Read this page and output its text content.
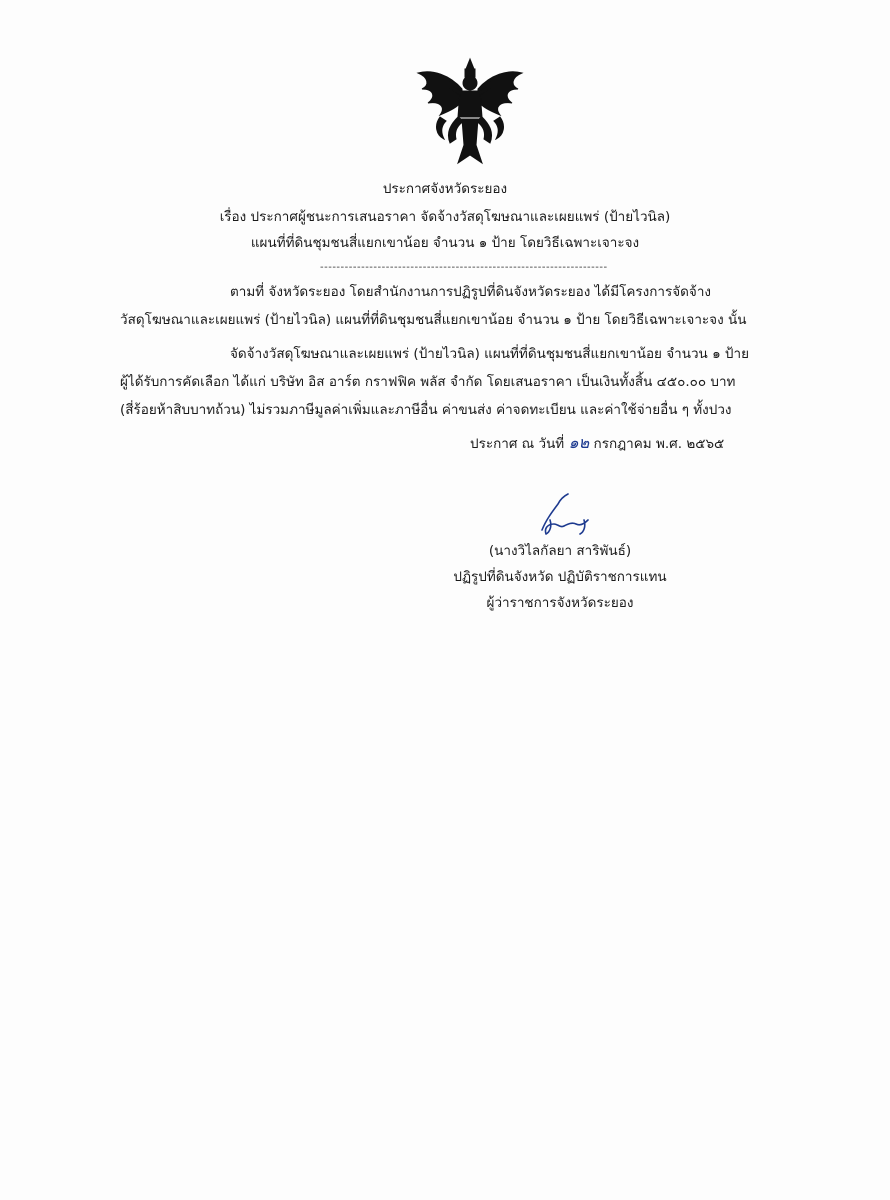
ประกาศจังหวัดระยอง
เรื่อง ประกาศผู้ชนะการเสนอราคา จัดจ้างวัสดุโฆษณาและเผยแพร่ (ป้ายไวนิล)
แผนที่ที่ดินชุมชนสี่แยกเขาน้อย จำนวน ๑ ป้าย โดยวิธีเฉพาะเจาะจง
----------------------------------------------------------------------
ตามที่ จังหวัดระยอง โดยสำนักงานการปฏิรูปที่ดินจังหวัดระยอง ได้มีโครงการจัดจ้าง
วัสดุโฆษณาและเผยแพร่ (ป้ายไวนิล) แผนที่ที่ดินชุมชนสี่แยกเขาน้อย จำนวน ๑ ป้าย โดยวิธีเฉพาะเจาะจง นั้น
จัดจ้างวัสดุโฆษณาและเผยแพร่ (ป้ายไวนิล) แผนที่ที่ดินชุมชนสี่แยกเขาน้อย จำนวน ๑ ป้าย
ผู้ได้รับการคัดเลือก ได้แก่ บริษัท อิส อาร์ต กราฟฟิค พลัส จำกัด โดยเสนอราคา เป็นเงินทั้งสิ้น ๔๕๐.๐๐ บาท
(สี่ร้อยห้าสิบบาทถ้วน) ไม่รวมภาษีมูลค่าเพิ่มและภาษีอื่น ค่าขนส่ง ค่าจดทะเบียน และค่าใช้จ่ายอื่น ๆ ทั้งปวง
ประกาศ ณ วันที่ ๑๒ กรกฎาคม พ.ศ. ๒๕๖๕
(นางวิไลกัลยา สาริพันธ์)
ปฏิรูปที่ดินจังหวัด ปฏิบัติราชการแทน
ผู้ว่าราชการจังหวัดระยอง
